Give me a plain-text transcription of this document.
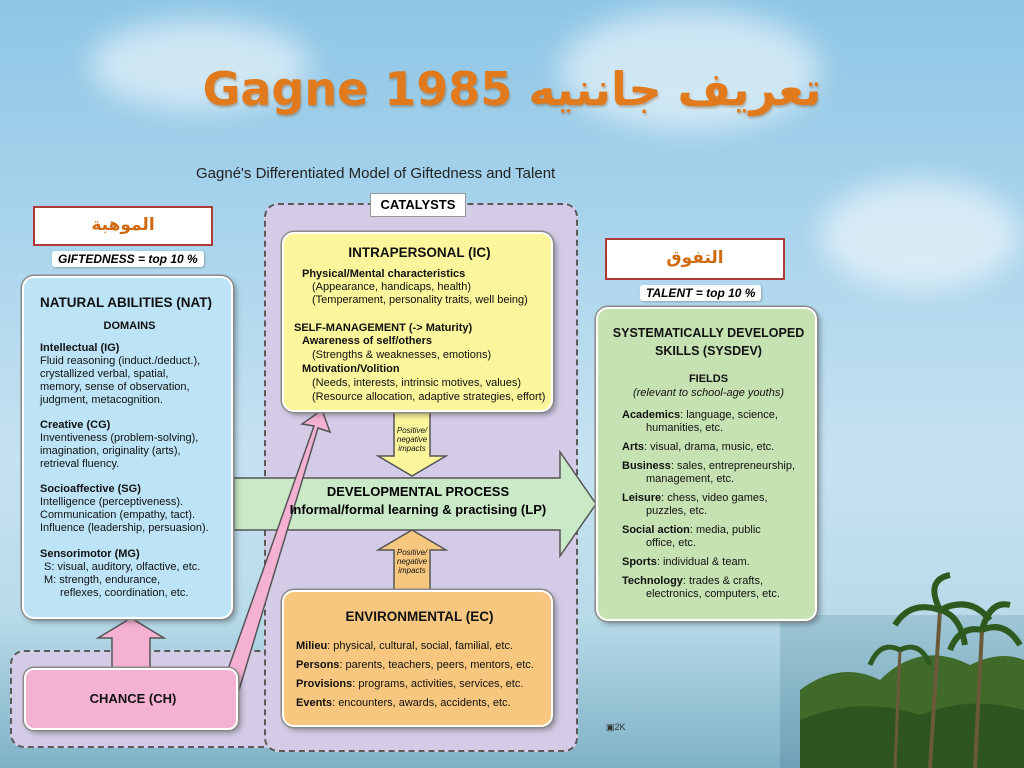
تعريف جاننيه Gagne 1985
Gagné's Differentiated Model of Giftedness and Talent
CATALYSTS
الموهبة
GIFTEDNESS = top 10 %	التفوق
TALENT = top 10 %
NATURAL ABILITIES (NAT)
DOMAINS
Intellectual (IG)
Fluid reasoning (induct./deduct.),
crystallized verbal, spatial,
memory, sense of observation,
judgment, metacognition.
Creative (CG)
Inventiveness (problem-solving),
imagination, originality (arts),
retrieval fluency.
Socioaffective (SG)
Intelligence (perceptiveness).
Communication (empathy, tact).
Influence (leadership, persuasion).
Sensorimotor (MG)
S: visual, auditory, olfactive, etc.
M: strength, endurance,
reflexes, coordination, etc.
INTRAPERSONAL (IC)
Physical/Mental characteristics
(Appearance, handicaps, health)
(Temperament, personality traits, well being)
SELF-MANAGEMENT (-> Maturity)
Awareness of self/others
(Strengths & weaknesses, emotions)
Motivation/Volition
(Needs, interests, intrinsic motives, values)
(Resource allocation, adaptive strategies, effort)
Positive/ negative impacts
Positive/ negative impacts
DEVELOPMENTAL PROCESS
Informal/formal learning & practising (LP)
ENVIRONMENTAL (EC)
Milieu: physical, cultural, social, familial, etc.
Persons: parents, teachers, peers, mentors, etc.
Provisions: programs, activities, services, etc.
Events: encounters, awards, accidents, etc.
CHANCE (CH)
SYSTEMATICALLY DEVELOPED
SKILLS (SYSDEV)
FIELDS
(relevant to school-age youths)
Academics: language, science,
humanities, etc.
Arts: visual, drama, music, etc.
Business: sales, entrepreneurship,
management, etc.
Leisure: chess, video games,
puzzles, etc.
Social action: media, public
office, etc.
Sports: individual & team.
Technology: trades & crafts,
electronics, computers, etc.
▣2K
